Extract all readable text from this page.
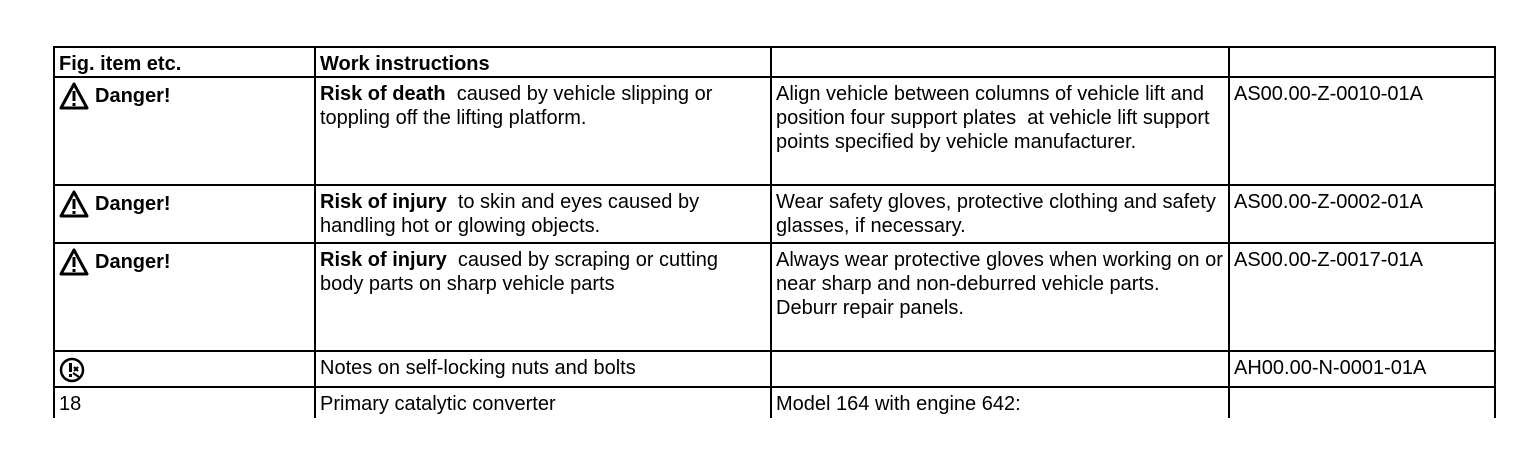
Fig. item etc.	Work instructions		

Danger!	Risk of death  caused by vehicle slipping or toppling off the lifting platform.	Align vehicle between columns of vehicle lift and position four support plates  at vehicle lift support points specified by vehicle manufacturer.	AS00.00-Z-0010-01A

Danger!	Risk of injury  to skin and eyes caused by handling hot or glowing objects.	Wear safety gloves, protective clothing and safety glasses, if necessary.	AS00.00-Z-0002-01A

Danger!	Risk of injury  caused by scraping or cutting body parts on sharp vehicle parts	Always wear protective gloves when working on or near sharp and non-deburred vehicle parts.
Deburr repair panels.	AS00.00-Z-0017-01A

	Notes on self-locking nuts and bolts		AH00.00-N-0001-01A
18	Primary catalytic converter	Model 164 with engine 642:	
